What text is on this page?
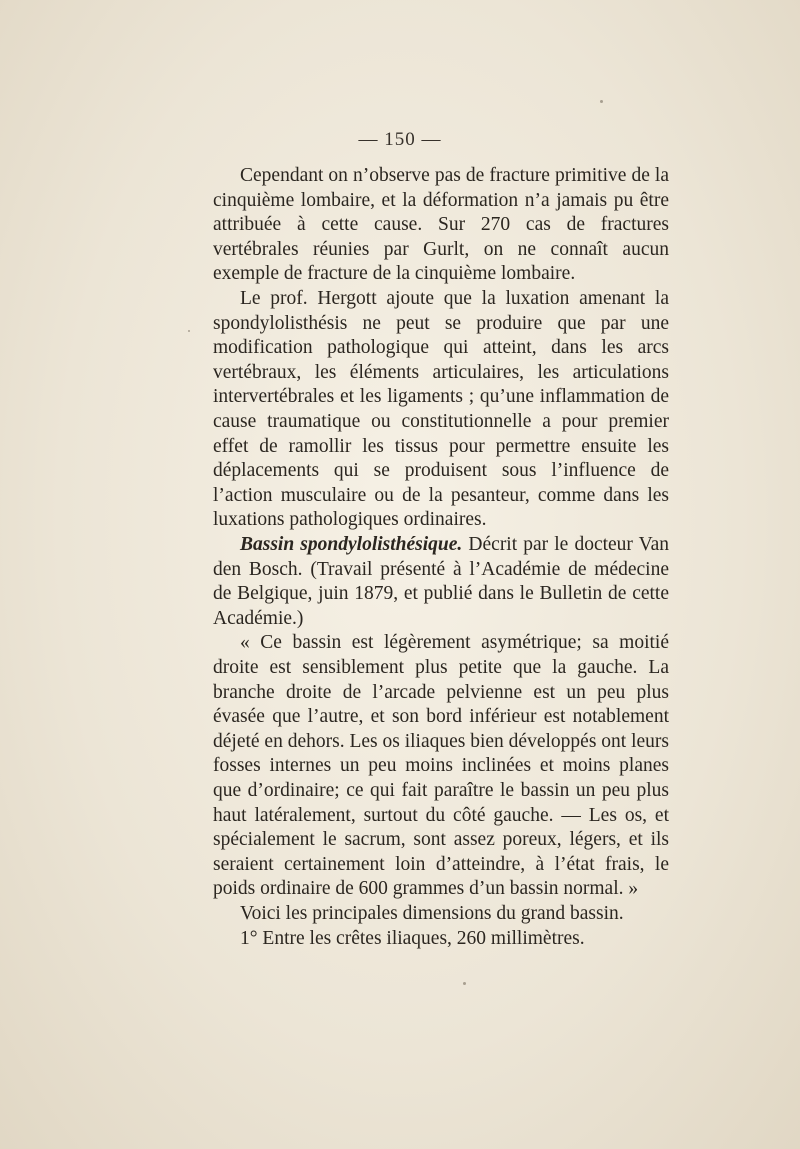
— 150 —

Cependant on n’observe pas de fracture primitive de la cinquième lombaire, et la déformation n’a jamais pu être attribuée à cette cause. Sur 270 cas de fractures vertébrales réunies par Gurlt, on ne connaît aucun exemple de fracture de la cinquième lombaire.

Le prof. Hergott ajoute que la luxation amenant la spondylolisthésis ne peut se produire que par une modification pathologique qui atteint, dans les arcs vertébraux, les éléments articulaires, les articulations intervertébrales et les ligaments ; qu’une inflammation de cause traumatique ou constitutionnelle a pour premier effet de ramollir les tissus pour permettre ensuite les déplacements qui se produisent sous l’influence de l’action musculaire ou de la pesanteur, comme dans les luxations pathologiques ordinaires.

Bassin spondylolisthésique. Décrit par le docteur Van den Bosch. (Travail présenté à l’Académie de médecine de Belgique, juin 1879, et publié dans le Bulletin de cette Académie.)

« Ce bassin est légèrement asymétrique; sa moitié droite est sensiblement plus petite que la gauche. La branche droite de l’arcade pelvienne est un peu plus évasée que l’autre, et son bord inférieur est notablement déjeté en dehors. Les os iliaques bien développés ont leurs fosses internes un peu moins inclinées et moins planes que d’ordinaire; ce qui fait paraître le bassin un peu plus haut latéralement, surtout du côté gauche. — Les os, et spécialement le sacrum, sont assez poreux, légers, et ils seraient certainement loin d’atteindre, à l’état frais, le poids ordinaire de 600 grammes d’un bassin normal. »

Voici les principales dimensions du grand bassin.

1° Entre les crêtes iliaques, 260 millimètres.
